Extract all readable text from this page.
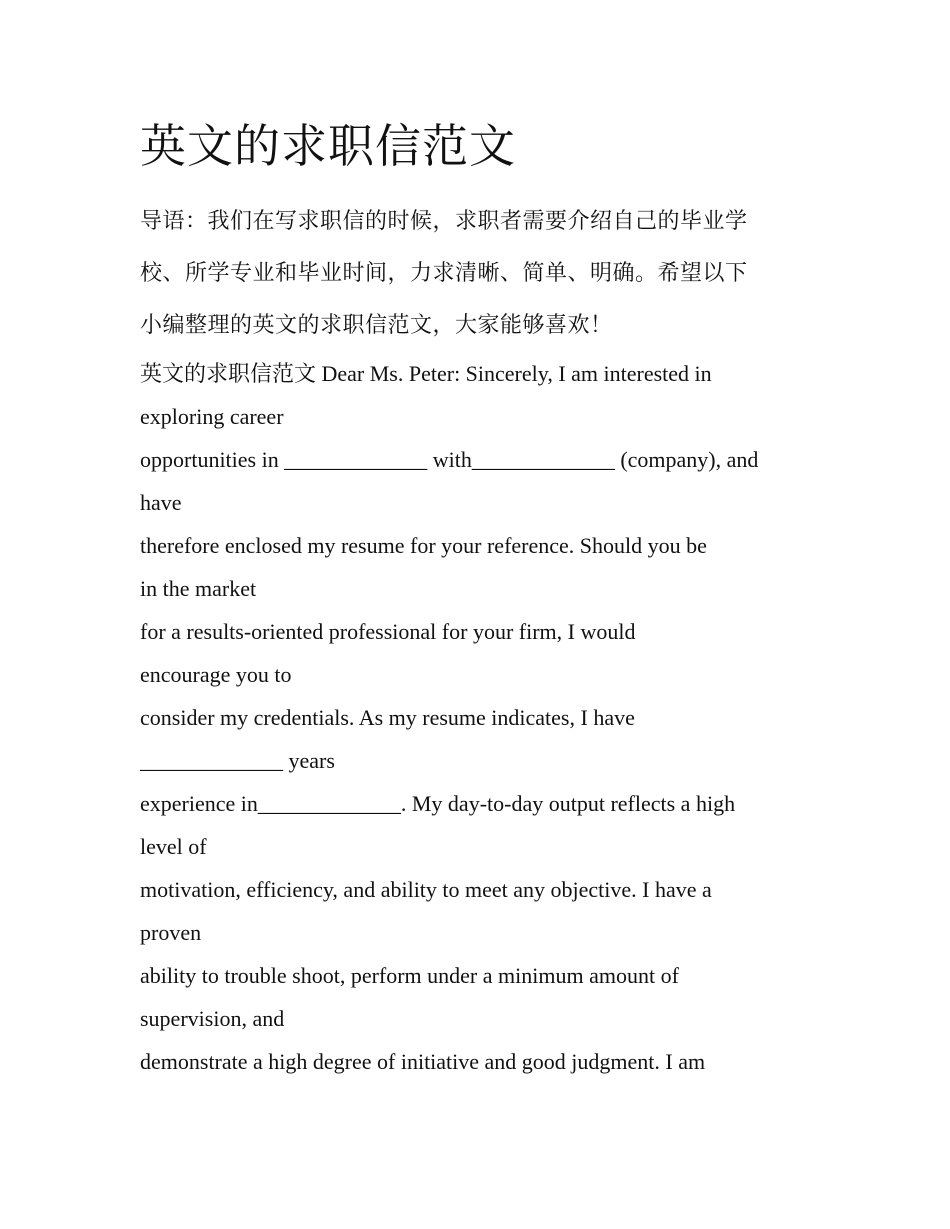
英文的求职信范文

导语：我们在写求职信的时候，求职者需要介绍自己的毕业学

校、所学专业和毕业时间，力求清晰、简单、明确。希望以下

小编整理的英文的求职信范文，大家能够喜欢！

英文的求职信范文 Dear Ms. Peter: Sincerely, I am interested in

exploring career

opportunities in _____________ with_____________ (company), and

have

therefore enclosed my resume for your reference. Should you be

in the market

for a results-oriented professional for your firm, I would

encourage you to

consider my credentials. As my resume indicates, I have

_____________ years

experience in_____________. My day-to-day output reflects a high

level of

motivation, efficiency, and ability to meet any objective. I have a

proven

ability to trouble shoot, perform under a minimum amount of

supervision, and

demonstrate a high degree of initiative and good judgment. I am
